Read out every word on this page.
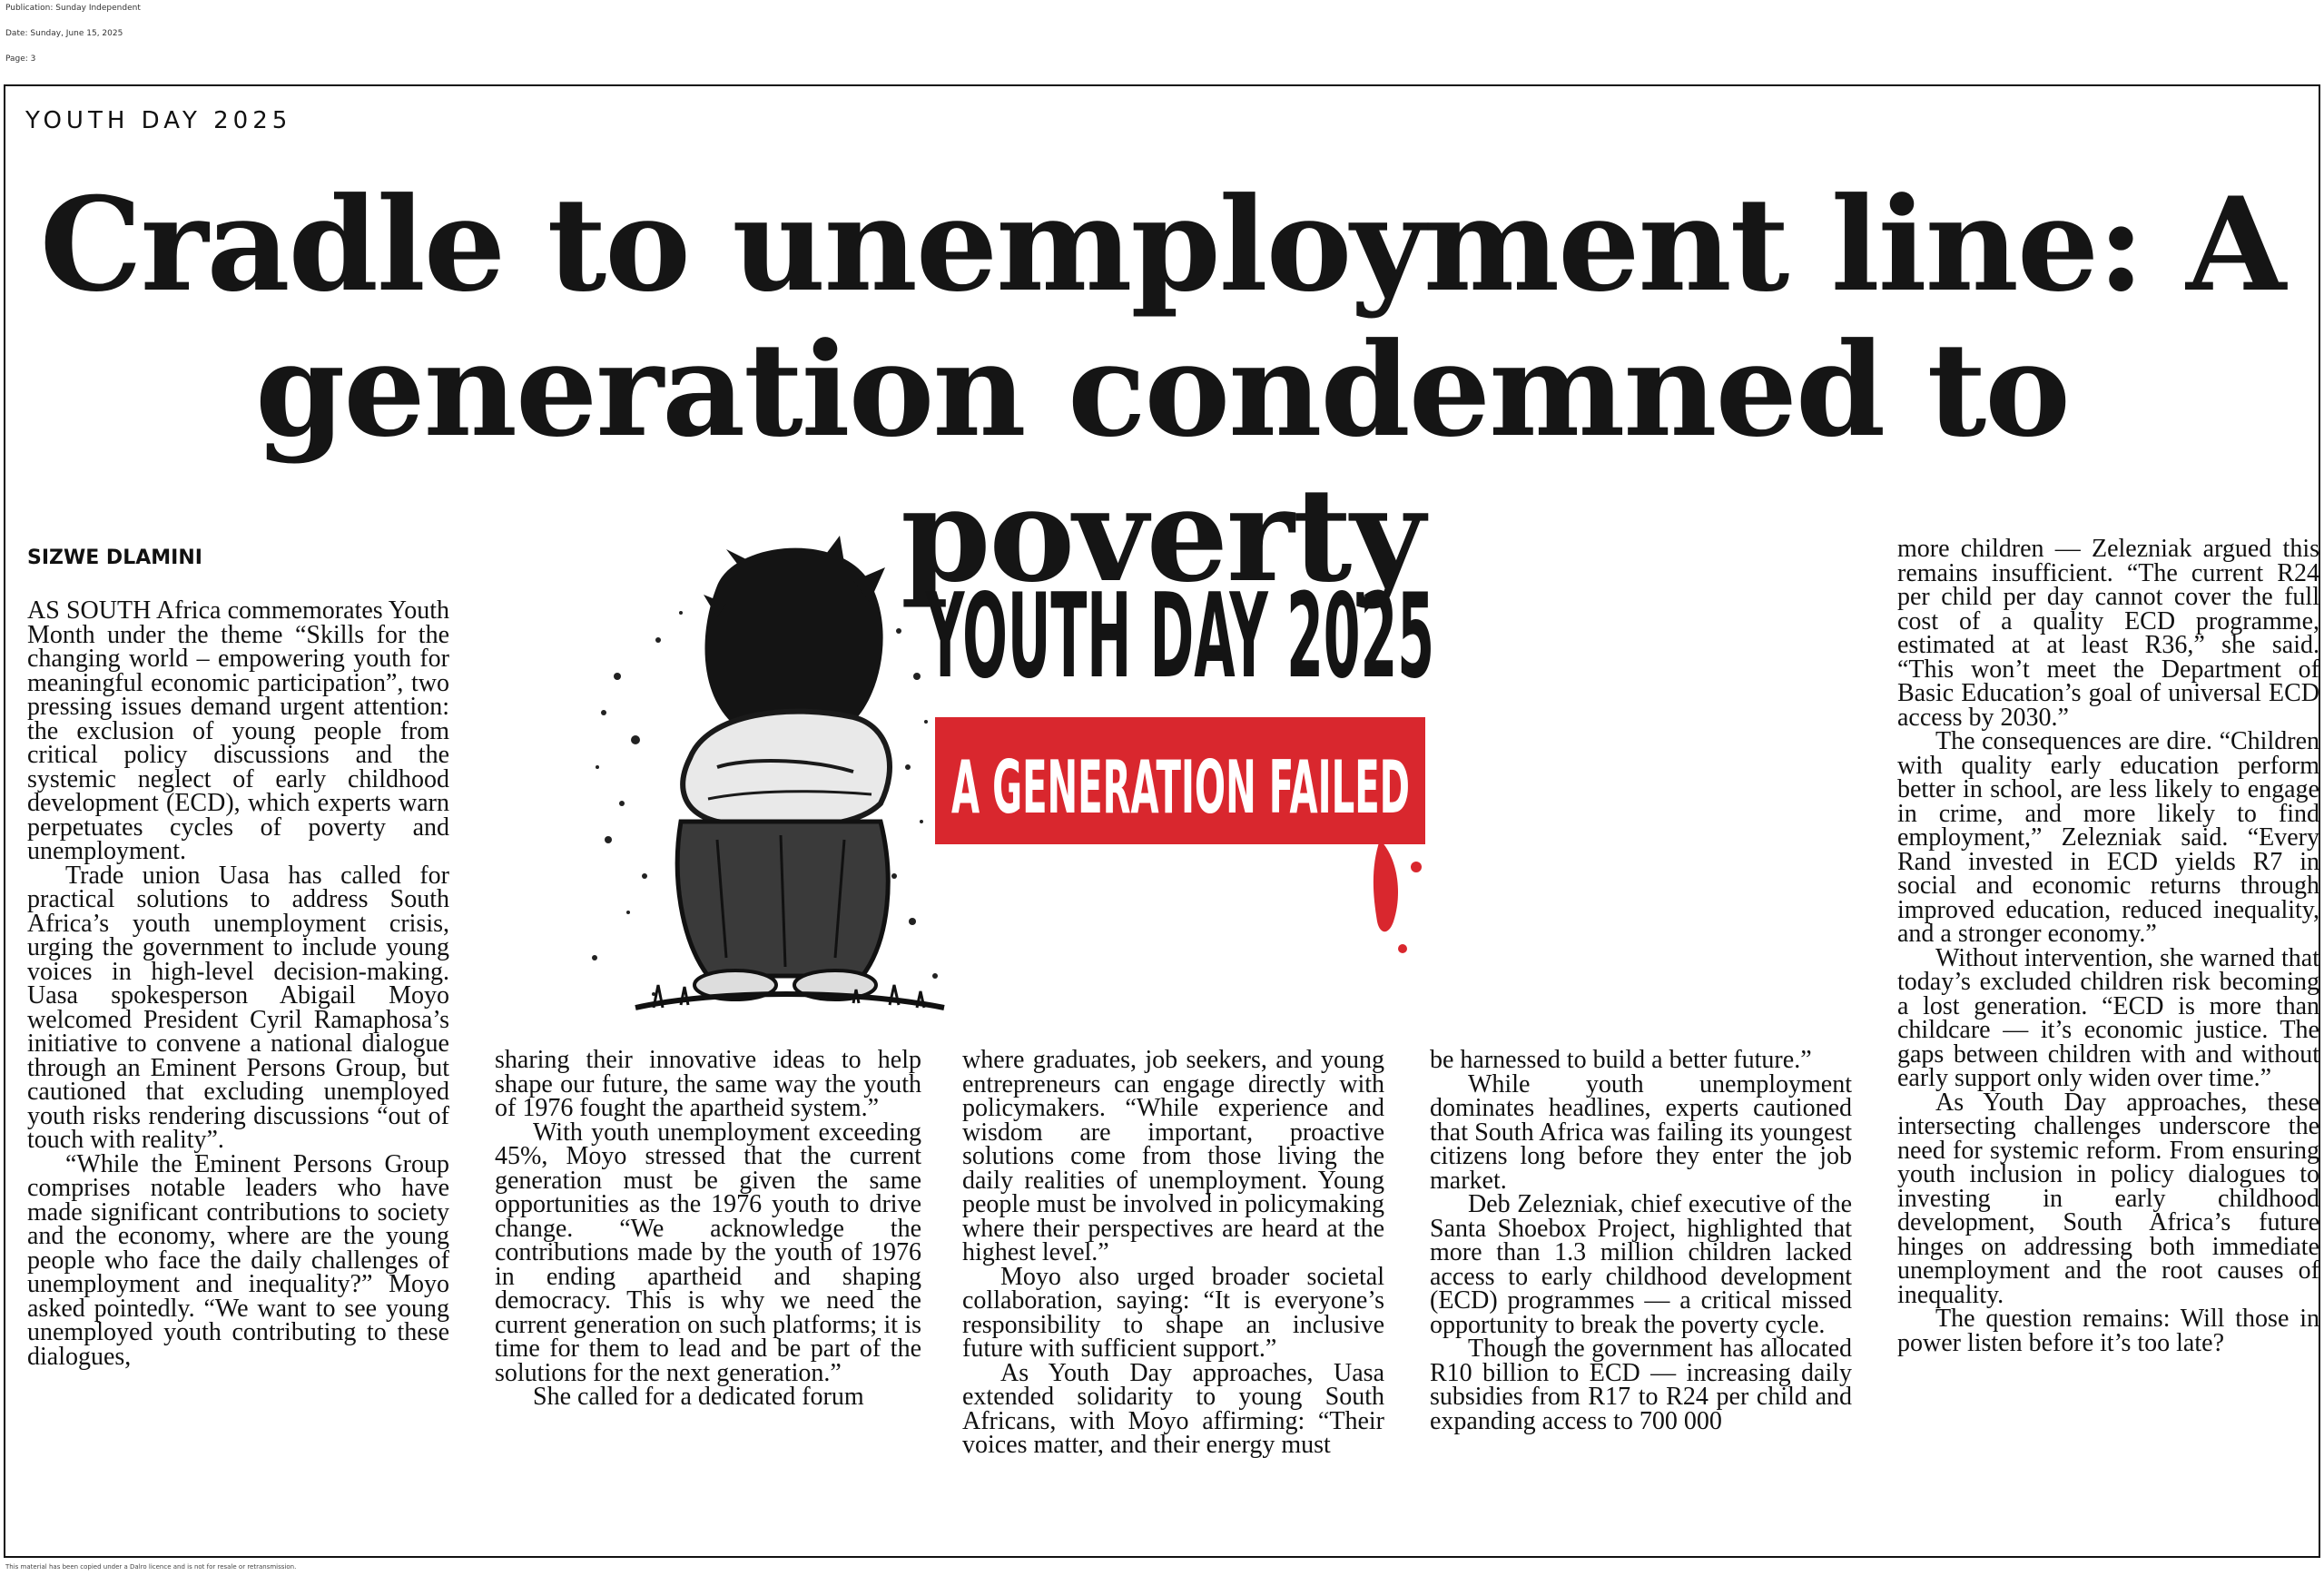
Publication: Sunday Independent
Date: Sunday, June 15, 2025
Page: 3
YOUTH DAY 2025
Cradle to unemployment line: A
generation condemned to poverty
SIZWE DLAMINI
YOUTH DAY 2025
A GENERATION FAILED

AS SOUTH Africa commemorates Youth Month under the theme “Skills for the changing world – empowering youth for meaningful economic participation”, two pressing issues demand urgent attention: the exclusion of young people from critical policy discussions and the systemic neglect of early childhood development (ECD), which experts warn perpetuates cycles of poverty and unemployment.

Trade union Uasa has called for practical solutions to address South Africa’s youth unemployment crisis, urging the government to include young voices in high-level decision-making. Uasa spokesperson Abigail Moyo welcomed President Cyril Ramaphosa’s initiative to convene a national dialogue through an Eminent Persons Group, but cautioned that excluding unemployed youth risks rendering discussions “out of touch with reality”.

“While the Eminent Persons Group comprises notable leaders who have made significant contributions to society and the economy, where are the young people who face the daily challenges of unemployment and inequality?” Moyo asked pointedly. “We want to see young unemployed youth contributing to these dialogues,

sharing their innovative ideas to help shape our future, the same way the youth of 1976 fought the apartheid system.”

With youth unemployment exceeding 45%, Moyo stressed that the current generation must be given the same opportunities as the 1976 youth to drive change. “We acknowledge the contributions made by the youth of 1976 in ending apartheid and shaping democracy. This is why we need the current generation on such platforms; it is time for them to lead and be part of the solutions for the next generation.”

She called for a dedicated forum

where graduates, job seekers, and young entrepreneurs can engage directly with policymakers. “While experience and wisdom are important, proactive solutions come from those living the daily realities of unemployment. Young people must be involved in policymaking where their perspectives are heard at the highest level.”

Moyo also urged broader societal collaboration, saying: “It is everyone’s responsibility to shape an inclusive future with sufficient support.”

As Youth Day approaches, Uasa extended solidarity to young South Africans, with Moyo affirming: “Their voices matter, and their energy must

be harnessed to build a better future.”

While youth unemployment dominates headlines, experts cautioned that South Africa was failing its youngest citizens long before they enter the job market.

Deb Zelezniak, chief executive of the Santa Shoebox Project, highlighted that more than 1.3 million children lacked access to early childhood development (ECD) programmes — a critical missed opportunity to break the poverty cycle.

Though the government has allocated R10 billion to ECD — increasing daily subsidies from R17 to R24 per child and expanding access to 700 000

more children — Zelezniak argued this remains insufficient. “The current R24 per child per day cannot cover the full cost of a quality ECD programme, estimated at at least R36,” she said. “This won’t meet the Department of Basic Education’s goal of universal ECD access by 2030.”

The consequences are dire. “Children with quality early education perform better in school, are less likely to engage in crime, and more likely to find employment,” Zelezniak said. “Every Rand invested in ECD yields R7 in social and economic returns through improved education, reduced inequality, and a stronger economy.”

Without intervention, she warned that today’s excluded children risk becoming a lost generation. “ECD is more than childcare — it’s economic justice. The gaps between children with and without early support only widen over time.”

As Youth Day approaches, these intersecting challenges underscore the need for systemic reform. From ensuring youth inclusion in policy dialogues to investing in early childhood development, South Africa’s future hinges on addressing both immediate unemployment and the root causes of inequality.

The question remains: Will those in power listen before it’s too late?

This material has been copied under a Dalro licence and is not for resale or retransmission.
